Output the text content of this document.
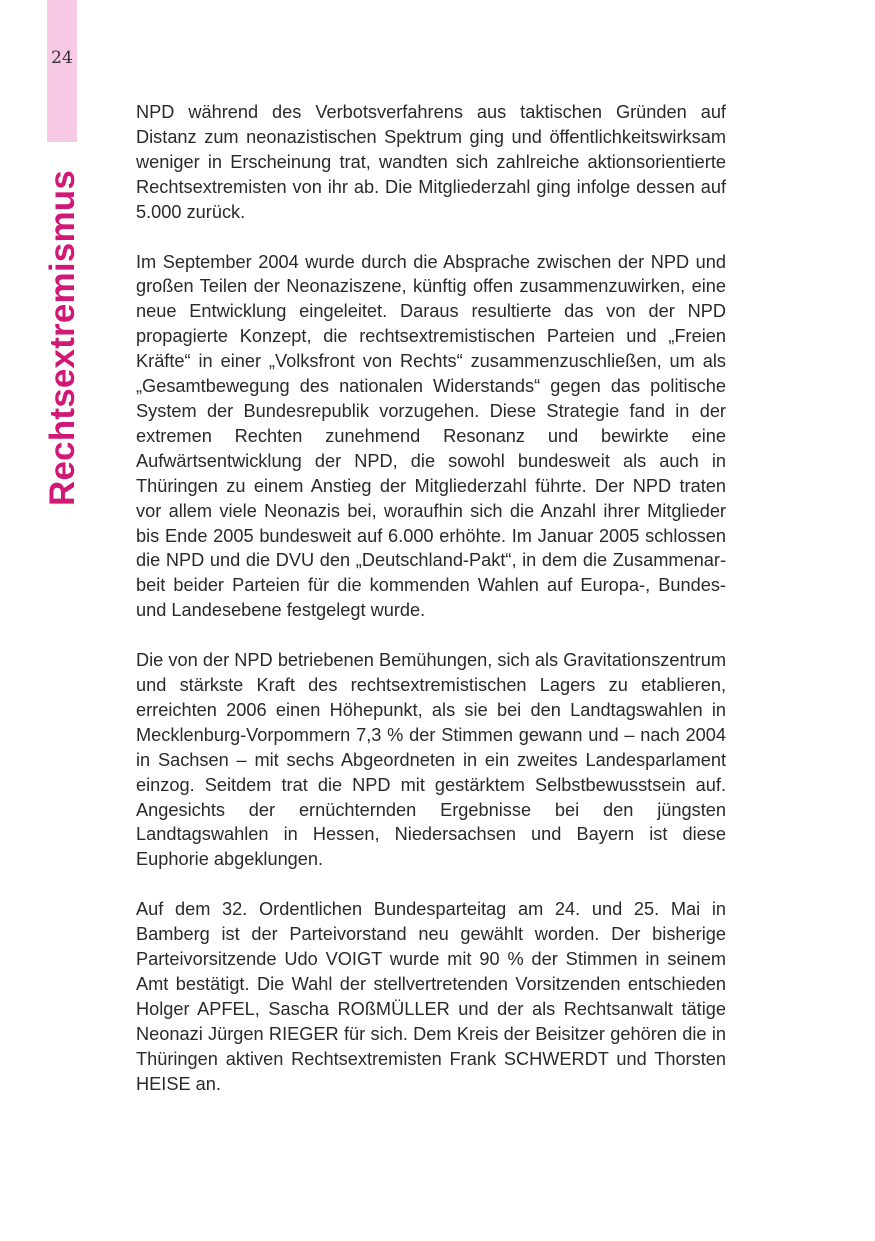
24
Rechtsextremismus

NPD während des Verbotsverfahrens aus taktischen Gründen auf Distanz zum neonazistischen Spektrum ging und öffentlichkeitswirksam weniger in Erscheinung trat, wandten sich zahlreiche aktionsorientierte Rechtsextremisten von ihr ab. Die Mitgliederzahl ging infolge dessen auf 5.000 zurück.

Im September 2004 wurde durch die Absprache zwischen der NPD und großen Teilen der Neonaziszene, künftig offen zusammenzuwirken, eine neue Entwicklung eingeleitet. Daraus resultierte das von der NPD propagierte Konzept, die rechtsextremistischen Parteien und „Freien Kräfte“ in einer „Volksfront von Rechts“ zusammenzuschließen, um als „Gesamtbewegung des nationalen Widerstands“ gegen das politische System der Bundesrepublik vorzugehen. Diese Strategie fand in der extremen Rechten zunehmend Resonanz und bewirkte eine Aufwärtsentwicklung der NPD, die sowohl bundesweit als auch in Thüringen zu einem Anstieg der Mitgliederzahl führte. Der NPD traten vor allem viele Neonazis bei, woraufhin sich die Anzahl ihrer Mitglieder bis Ende 2005 bundesweit auf 6.000 erhöhte. Im Januar 2005 schlossen die NPD und die DVU den „Deutschland-Pakt“, in dem die Zusammenarbeit beider Parteien für die kommenden Wahlen auf Europa-, Bundes- und Landesebene festgelegt wurde.

Die von der NPD betriebenen Bemühungen, sich als Gravitationszentrum und stärkste Kraft des rechtsextremistischen Lagers zu etablieren, erreichten 2006 einen Höhepunkt, als sie bei den Landtagswahlen in Mecklenburg-Vorpommern 7,3 % der Stimmen gewann und – nach 2004 in Sachsen – mit sechs Abgeordneten in ein zweites Landesparlament einzog. Seitdem trat die NPD mit gestärktem Selbstbewusstsein auf. Angesichts der ernüchternden Ergebnisse bei den jüngsten Landtagswahlen in Hessen, Niedersachsen und Bayern ist diese Euphorie abgeklungen.

Auf dem 32. Ordentlichen Bundesparteitag am 24. und 25. Mai in Bamberg ist der Parteivorstand neu gewählt worden. Der bisherige Parteivorsitzende Udo VOIGT wurde mit 90 % der Stimmen in seinem Amt bestätigt. Die Wahl der stellvertretenden Vorsitzenden entschieden Holger APFEL, Sascha ROßMÜLLER und der als Rechtsanwalt tätige Neonazi Jürgen RIEGER für sich. Dem Kreis der Beisitzer gehören die in Thüringen aktiven Rechtsextremisten Frank SCHWERDT und Thorsten HEISE an.
